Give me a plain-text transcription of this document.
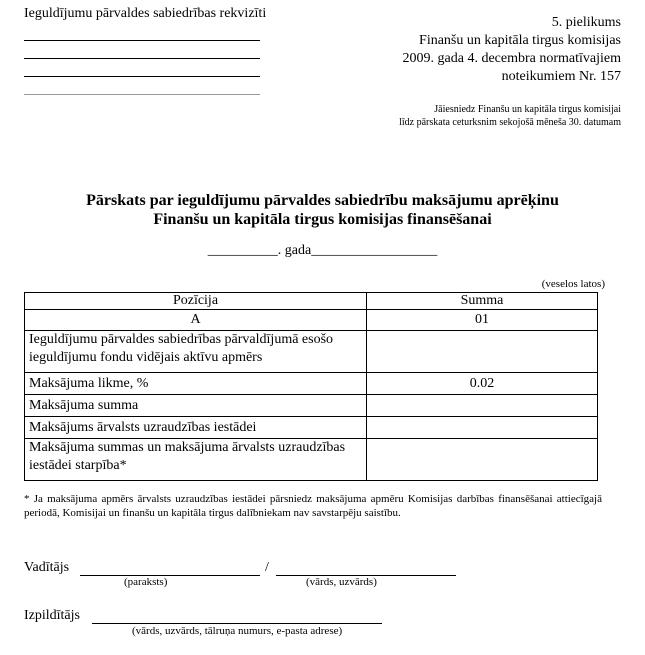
Ieguldījumu pārvaldes sabiedrības rekvizīti
5. pielikums
Finanšu un kapitāla tirgus komisijas
2009. gada 4. decembra normatīvajiem
noteikumiem Nr. 157
Jāiesniedz Finanšu un kapitāla tirgus komisijai
līdz pārskata ceturksnim sekojošā mēneša 30. datumam
Pārskats par ieguldījumu pārvaldes sabiedrību maksājumu aprēķinu
Finanšu un kapitāla tirgus komisijas finansēšanai
__________. gada__________________
(veselos latos)
Pozīcija	Summa
A	01
Ieguldījumu pārvaldes sabiedrības pārvaldījumā esošo ieguldījumu fondu vidējais aktīvu apmērs	
Maksājuma likme, %	0.02
Maksājuma summa	
Maksājums ārvalsts uzraudzības iestādei	
Maksājuma summas un maksājuma ārvalsts uzraudzības iestādei starpība*	
* Ja maksājuma apmērs ārvalsts uzraudzības iestādei pārsniedz maksājuma apmēru Komisijas darbības finansēšanai attiecīgajā periodā, Komisijai un finanšu un kapitāla tirgus dalībniekam nav savstarpēju saistību.
Vadītājs	/
(paraksts)	(vārds, uzvārds)
Izpildītājs
(vārds, uzvārds, tālruņa numurs, e-pasta adrese)
